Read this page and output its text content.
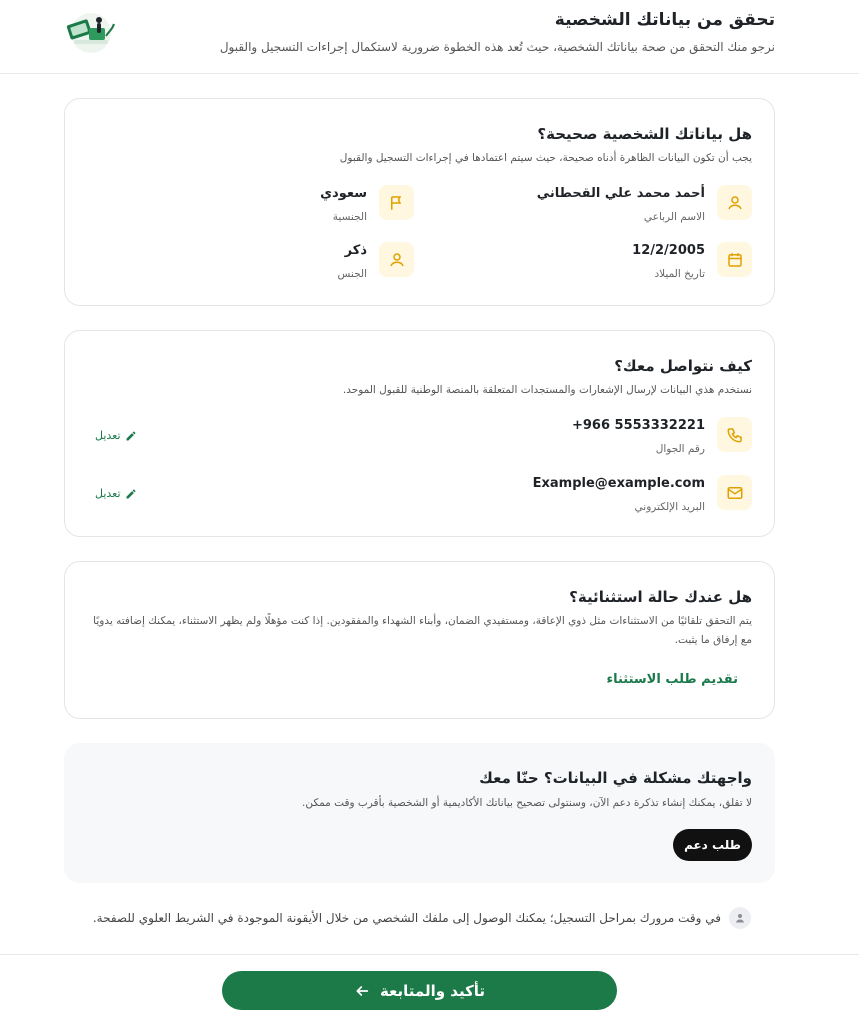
تحقق من بياناتك الشخصية

نرجو منك التحقق من صحة بياناتك الشخصية، حيث تُعد هذه الخطوة ضرورية لاستكمال إجراءات التسجيل والقبول

هل بياناتك الشخصية صحيحة؟
يجب أن تكون البيانات الظاهرة أدناه صحيحة، حيث سيتم اعتمادها في إجراءات التسجيل والقبول
أحمد محمد علي القحطاني
الاسم الرباعي
سعودي
الجنسية
12/2/2005
تاريخ الميلاد
ذكر
الجنس
كيف نتواصل معك؟
نستخدم هذي البيانات لإرسال الإشعارات والمستجدات المتعلقة بالمنصة الوطنية للقبول الموحد.
+966 5553332221
رقم الجوال
تعديل
Example@example.com
البريد الإلكتروني
تعديل
هل عندك حالة استثنائية؟
يتم التحقق تلقائيًا من الاستثناءات مثل ذوي الإعاقة، ومستفيدي الضمان، وأبناء الشهداء والمفقودين. إذا كنت مؤهلًا ولم يظهر الاستثناء، يمكنك إضافته يدويًا
مع إرفاق ما يثبت.
تقديم طلب الاستثناء
واجهتك مشكلة في البيانات؟ حنّا معك
لا تقلق، يمكنك إنشاء تذكرة دعم الآن، وسنتولى تصحيح بياناتك الأكاديمية أو الشخصية بأقرب وقت ممكن.
طلب دعم
في وقت مرورك بمراحل التسجيل؛ يمكنك الوصول إلى ملفك الشخصي من خلال الأيقونة الموجودة في الشريط العلوي للصفحة.
تأكيد والمتابعة
